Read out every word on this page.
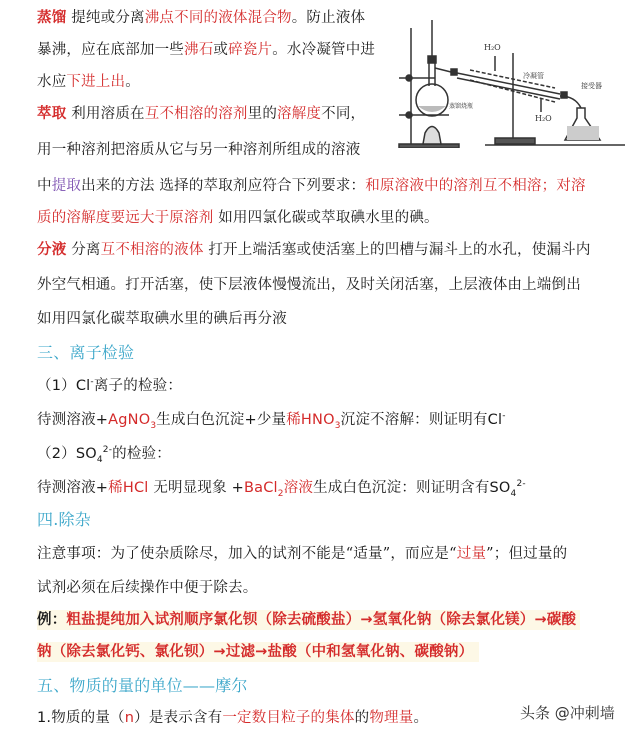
蒸馏 提纯或分离沸点不同的液体混合物。防止液体
暴沸，应在底部加一些沸石或碎瓷片。水冷凝管中进
水应下进上出。
H₂O
H₂O
冷凝管
接受器
蒸馏烧瓶
萃取 利用溶质在互不相溶的溶剂里的溶解度不同，
用一种溶剂把溶质从它与另一种溶剂所组成的溶液
中提取出来的方法 选择的萃取剂应符合下列要求：和原溶液中的溶剂互不相溶；对溶
质的溶解度要远大于原溶剂 如用四氯化碳或萃取碘水里的碘。
分液 分离互不相溶的液体 打开上端活塞或使活塞上的凹槽与漏斗上的水孔，使漏斗内
外空气相通。打开活塞，使下层液体慢慢流出，及时关闭活塞，上层液体由上端倒出
如用四氯化碳萃取碘水里的碘后再分液
三、离子检验
（1）Cl-离子的检验：
待测溶液+AgNO$_3$生成白色沉淀+少量稀$HNO_3$沉淀不溶解：则证明有Cl-
$(2)SO_4^{2-}$的检验：
待测溶液+稀HCl 无明显现象 +BaCl$_2$溶液生成白色沉淀：则证明含有$SO_4^{2-}$
四.除杂
注意事项：为了使杂质除尽，加入的试剂不能是“适量”，而应是“过量”；但过量的
试剂必须在后续操作中便于除去。
例：粗盐提纯加入试剂顺序氯化钡（除去硫酸盐）→氢氧化钠（除去氯化镁）→碳酸
钠（除去氯化钙、氯化钡）→过滤→盐酸（中和氢氧化钠、碳酸钠）
五、物质的量的单位——摩尔
1.物质的量（n）是表示含有一定数目粒子的集体的物理量。	头条 @冲刺墙
